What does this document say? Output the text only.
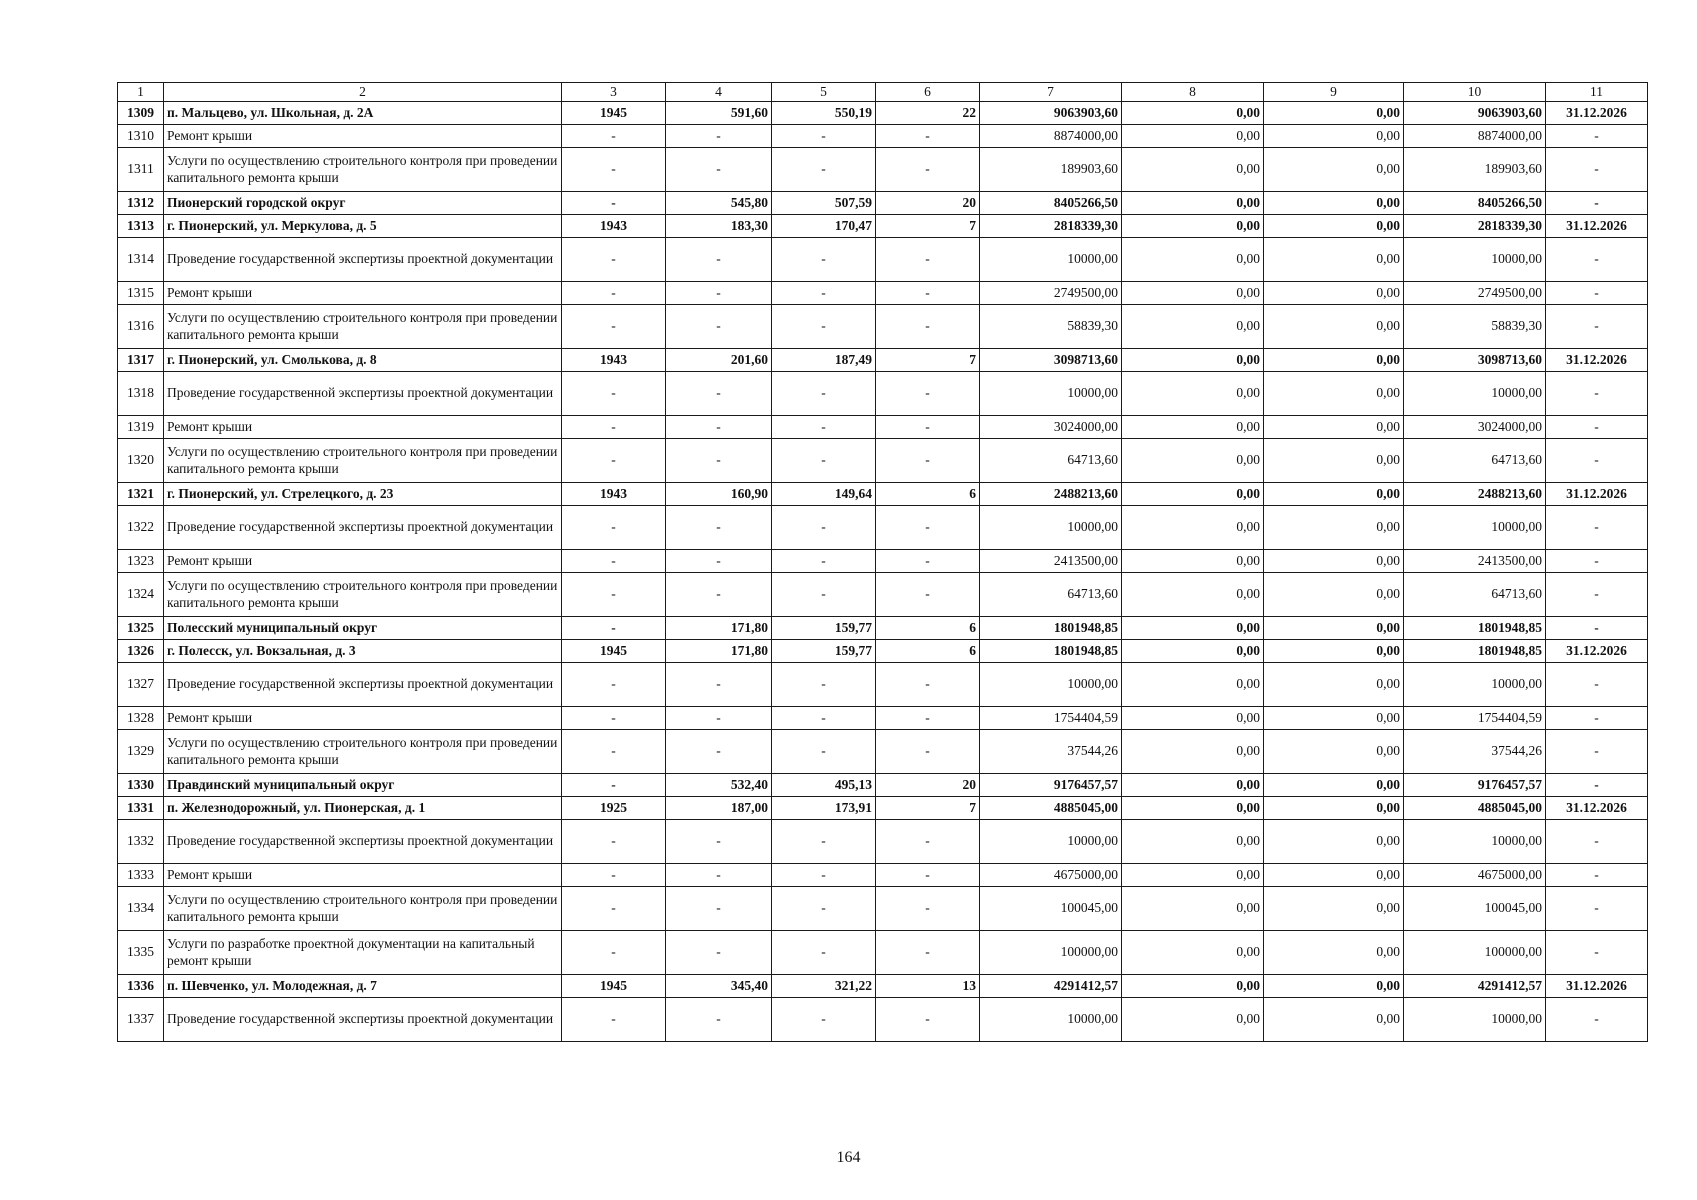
1	2	3	4	5	6	7	8	9	10	11
1309	п. Мальцево, ул. Школьная, д. 2А	1945	591,60	550,19	22	9063903,60	0,00	0,00	9063903,60	31.12.2026
1310	Ремонт крыши	-	-	-	-	8874000,00	0,00	0,00	8874000,00	-
1311	Услуги по осуществлению строительного контроля при проведении капитального ремонта крыши	-	-	-	-	189903,60	0,00	0,00	189903,60	-
1312	Пионерский городской округ	-	545,80	507,59	20	8405266,50	0,00	0,00	8405266,50	-
1313	г. Пионерский, ул. Меркулова, д. 5	1943	183,30	170,47	7	2818339,30	0,00	0,00	2818339,30	31.12.2026
1314	Проведение государственной экспертизы проектной документации	-	-	-	-	10000,00	0,00	0,00	10000,00	-
1315	Ремонт крыши	-	-	-	-	2749500,00	0,00	0,00	2749500,00	-
1316	Услуги по осуществлению строительного контроля при проведении капитального ремонта крыши	-	-	-	-	58839,30	0,00	0,00	58839,30	-
1317	г. Пионерский, ул. Смолькова, д. 8	1943	201,60	187,49	7	3098713,60	0,00	0,00	3098713,60	31.12.2026
1318	Проведение государственной экспертизы проектной документации	-	-	-	-	10000,00	0,00	0,00	10000,00	-
1319	Ремонт крыши	-	-	-	-	3024000,00	0,00	0,00	3024000,00	-
1320	Услуги по осуществлению строительного контроля при проведении капитального ремонта крыши	-	-	-	-	64713,60	0,00	0,00	64713,60	-
1321	г. Пионерский, ул. Стрелецкого, д. 23	1943	160,90	149,64	6	2488213,60	0,00	0,00	2488213,60	31.12.2026
1322	Проведение государственной экспертизы проектной документации	-	-	-	-	10000,00	0,00	0,00	10000,00	-
1323	Ремонт крыши	-	-	-	-	2413500,00	0,00	0,00	2413500,00	-
1324	Услуги по осуществлению строительного контроля при проведении капитального ремонта крыши	-	-	-	-	64713,60	0,00	0,00	64713,60	-
1325	Полесский муниципальный округ	-	171,80	159,77	6	1801948,85	0,00	0,00	1801948,85	-
1326	г. Полесск, ул. Вокзальная, д. 3	1945	171,80	159,77	6	1801948,85	0,00	0,00	1801948,85	31.12.2026
1327	Проведение государственной экспертизы проектной документации	-	-	-	-	10000,00	0,00	0,00	10000,00	-
1328	Ремонт крыши	-	-	-	-	1754404,59	0,00	0,00	1754404,59	-
1329	Услуги по осуществлению строительного контроля при проведении капитального ремонта крыши	-	-	-	-	37544,26	0,00	0,00	37544,26	-
1330	Правдинский муниципальный округ	-	532,40	495,13	20	9176457,57	0,00	0,00	9176457,57	-
1331	п. Железнодорожный, ул. Пионерская, д. 1	1925	187,00	173,91	7	4885045,00	0,00	0,00	4885045,00	31.12.2026
1332	Проведение государственной экспертизы проектной документации	-	-	-	-	10000,00	0,00	0,00	10000,00	-
1333	Ремонт крыши	-	-	-	-	4675000,00	0,00	0,00	4675000,00	-
1334	Услуги по осуществлению строительного контроля при проведении капитального ремонта крыши	-	-	-	-	100045,00	0,00	0,00	100045,00	-
1335	Услуги по разработке проектной документации на капитальный ремонт крыши	-	-	-	-	100000,00	0,00	0,00	100000,00	-
1336	п. Шевченко, ул. Молодежная, д. 7	1945	345,40	321,22	13	4291412,57	0,00	0,00	4291412,57	31.12.2026
1337	Проведение государственной экспертизы проектной документации	-	-	-	-	10000,00	0,00	0,00	10000,00	-
164
